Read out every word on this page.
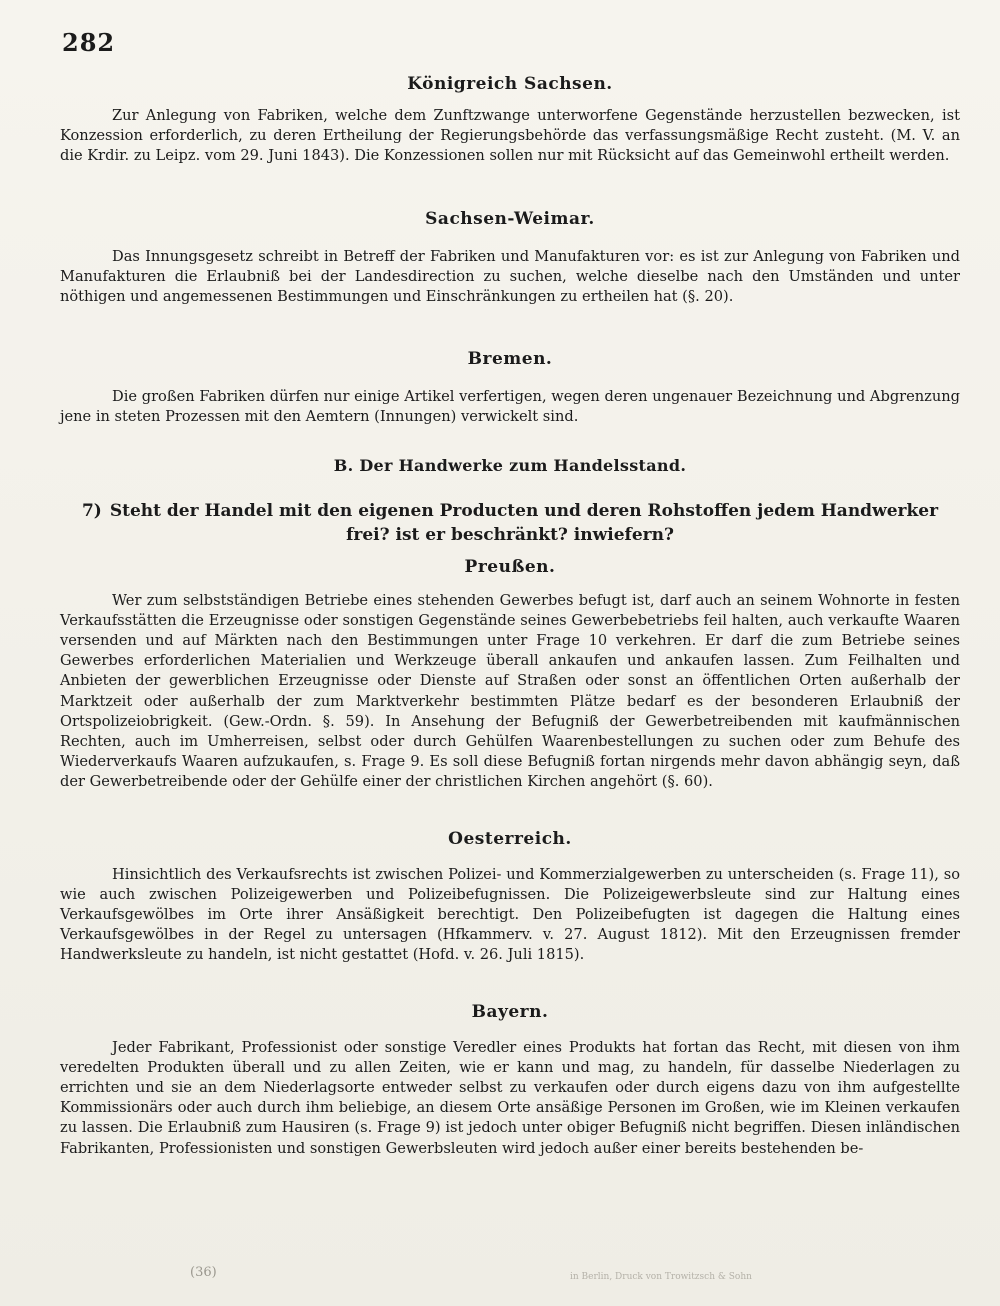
282
Königreich Sachsen.

Zur Anlegung von Fabriken, welche dem Zunftzwange unterworfene Gegenstände herzustellen bezwecken, ist Konzession erforderlich, zu deren Ertheilung der Regierungsbehörde das verfassungsmäßige Recht zusteht. (M. V. an die Krdir. zu Leipz. vom 29. Juni 1843). Die Konzessionen sollen nur mit Rücksicht auf das Gemeinwohl ertheilt werden.

Sachsen-Weimar.

Das Innungsgesetz schreibt in Betreff der Fabriken und Manufakturen vor: es ist zur Anlegung von Fabriken und Manufakturen die Erlaubniß bei der Landesdirection zu suchen, welche dieselbe nach den Umständen und unter nöthigen und angemessenen Bestimmungen und Einschränkungen zu ertheilen hat (§. 20).

Bremen.

Die großen Fabriken dürfen nur einige Artikel verfertigen, wegen deren ungenauer Bezeichnung und Abgrenzung jene in steten Prozessen mit den Aemtern (Innungen) verwickelt sind.

B. Der Handwerke zum Handelsstand.
7) Steht der Handel mit den eigenen Producten und deren Rohstoffen jedem Handwerker frei? ist er beschränkt? inwiefern?
Preußen.

Wer zum selbstständigen Betriebe eines stehenden Gewerbes befugt ist, darf auch an seinem Wohnorte in festen Verkaufsstätten die Erzeugnisse oder sonstigen Gegenstände seines Gewerbebetriebs feil halten, auch verkaufte Waaren versenden und auf Märkten nach den Bestimmungen unter Frage 10 verkehren. Er darf die zum Betriebe seines Gewerbes erforderlichen Materialien und Werkzeuge überall ankaufen und ankaufen lassen. Zum Feilhalten und Anbieten der gewerblichen Erzeugnisse oder Dienste auf Straßen oder sonst an öffentlichen Orten außerhalb der Marktzeit oder außerhalb der zum Marktverkehr bestimmten Plätze bedarf es der besonderen Erlaubniß der Ortspolizeiobrigkeit. (Gew.-Ordn. §. 59). In Ansehung der Befugniß der Gewerbetreibenden mit kaufmännischen Rechten, auch im Umherreisen, selbst oder durch Gehülfen Waarenbestellungen zu suchen oder zum Behufe des Wiederverkaufs Waaren aufzukaufen, s. Frage 9. Es soll diese Befugniß fortan nirgends mehr davon abhängig seyn, daß der Gewerbetreibende oder der Gehülfe einer der christlichen Kirchen angehört (§. 60).

Oesterreich.

Hinsichtlich des Verkaufsrechts ist zwischen Polizei- und Kommerzialgewerben zu unterscheiden (s. Frage 11), so wie auch zwischen Polizeigewerben und Polizeibefugnissen. Die Polizeigewerbsleute sind zur Haltung eines Verkaufsgewölbes im Orte ihrer Ansäßigkeit berechtigt. Den Polizeibefugten ist dagegen die Haltung eines Verkaufsgewölbes in der Regel zu untersagen (Hfkammerv. v. 27. August 1812). Mit den Erzeugnissen fremder Handwerksleute zu handeln, ist nicht gestattet (Hofd. v. 26. Juli 1815).

Bayern.

Jeder Fabrikant, Professionist oder sonstige Veredler eines Produkts hat fortan das Recht, mit diesen von ihm veredelten Produkten überall und zu allen Zeiten, wie er kann und mag, zu handeln, für dasselbe Niederlagen zu errichten und sie an dem Niederlagsorte entweder selbst zu verkaufen oder durch eigens dazu von ihm aufgestellte Kommissionärs oder auch durch ihm beliebige, an diesem Orte ansäßige Personen im Großen, wie im Kleinen verkaufen zu lassen. Die Erlaubniß zum Hausiren (s. Frage 9) ist jedoch unter obiger Befugniß nicht begriffen. Diesen inländischen Fabrikanten, Professionisten und sonstigen Gewerbsleuten wird jedoch außer einer bereits bestehenden be-

(36)	in Berlin, Druck von Trowitzsch & Sohn
